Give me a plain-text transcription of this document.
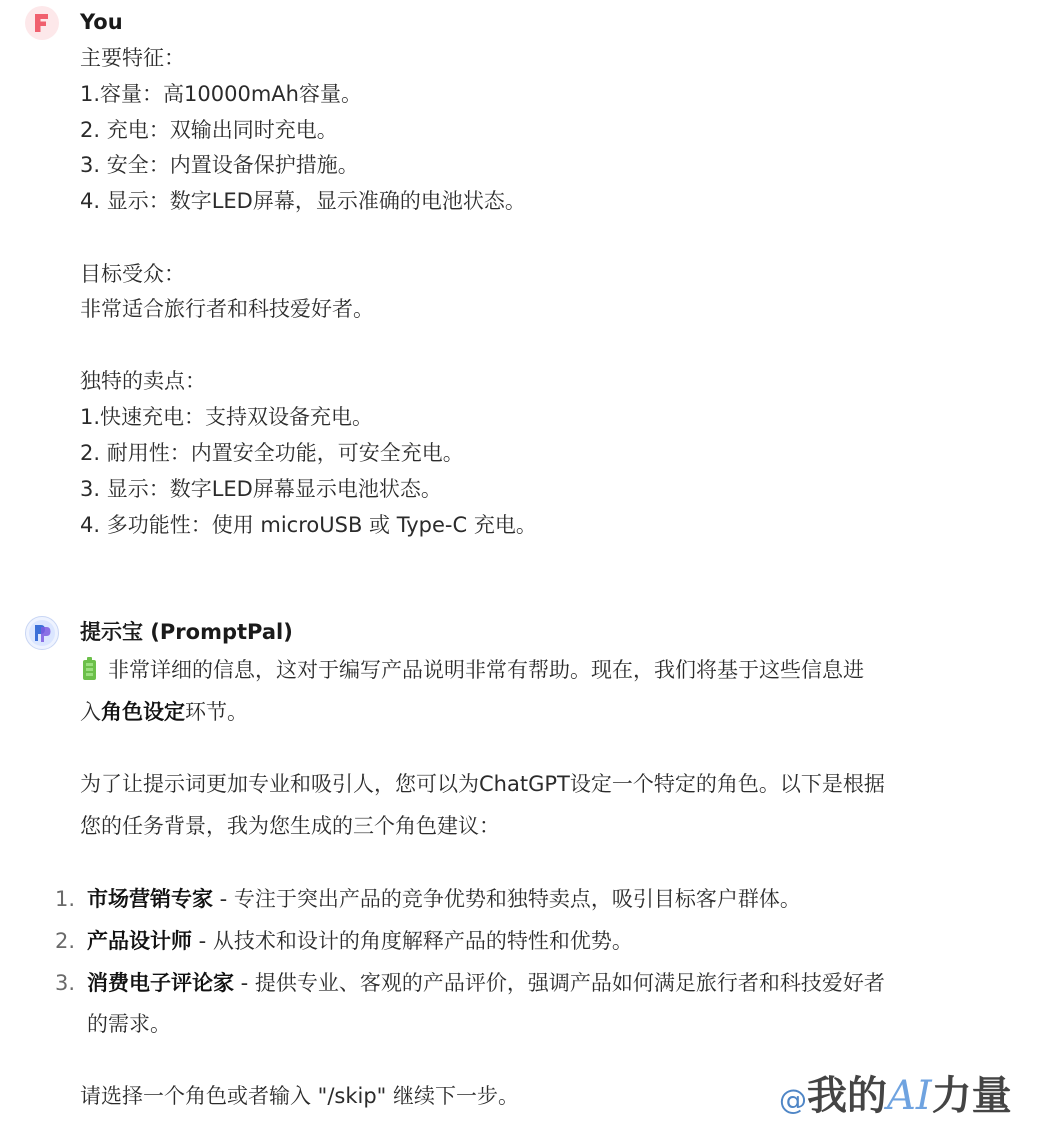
You
主要特征：
1.容量：高10000mAh容量。
2. 充电：双输出同时充电。
3. 安全：内置设备保护措施。
4. 显示：数字LED屏幕，显示准确的电池状态。
目标受众：
非常适合旅行者和科技爱好者。
独特的卖点：
1.快速充电：支持双设备充电。
2. 耐用性：内置安全功能，可安全充电。
3. 显示：数字LED屏幕显示电池状态。
4. 多功能性：使用 microUSB 或 Type-C 充电。
提示宝 (PromptPal)
非常详细的信息，这对于编写产品说明非常有帮助。现在，我们将基于这些信息进
入角色设定环节。
为了让提示词更加专业和吸引人，您可以为ChatGPT设定一个特定的角色。以下是根据
您的任务背景，我为您生成的三个角色建议：
1. 市场营销专家 - 专注于突出产品的竞争优势和独特卖点，吸引目标客户群体。
2. 产品设计师 - 从技术和设计的角度解释产品的特性和优势。
3. 消费电子评论家 - 提供专业、客观的产品评价，强调产品如何满足旅行者和科技爱好者
的需求。
请选择一个角色或者输入 "/skip" 继续下一步。	@我的AI力量
